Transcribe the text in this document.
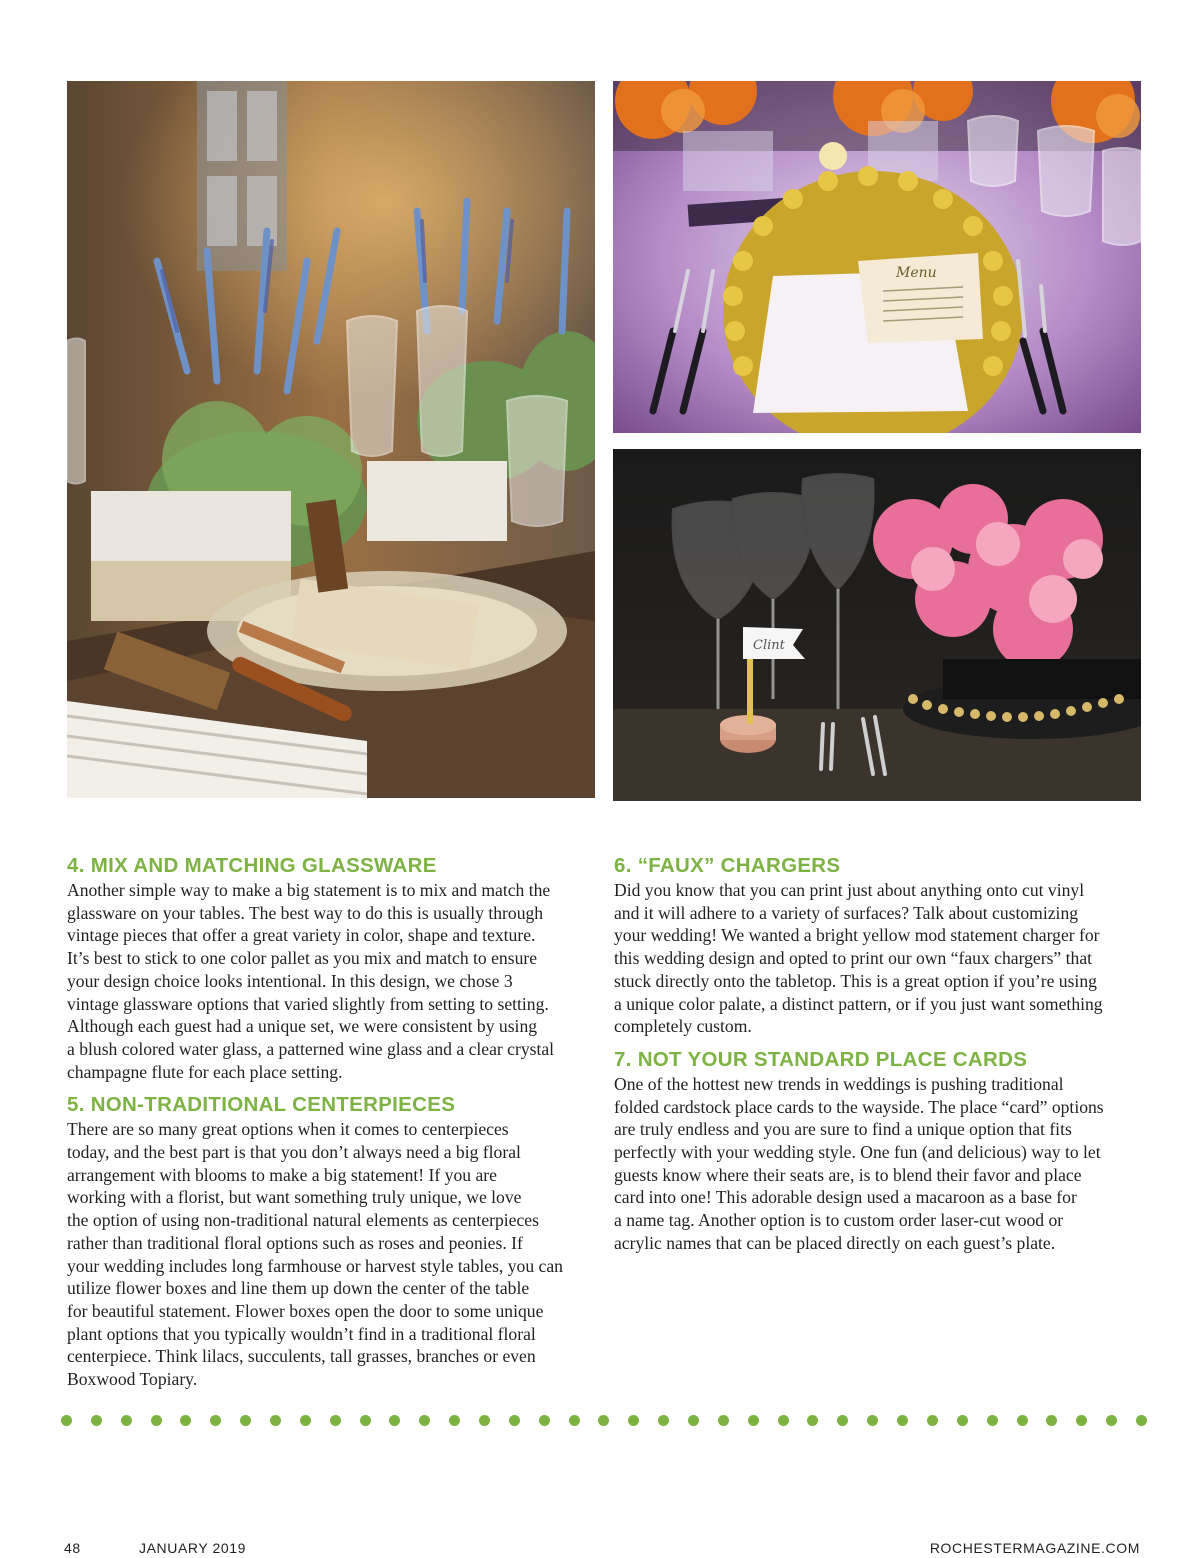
Menu
Clint
4. MIX AND MATCHING GLASSWARE

Another simple way to make a big statement is to mix and match the
glassware on your tables. The best way to do this is usually through
vintage pieces that offer a great variety in color, shape and texture.
It’s best to stick to one color pallet as you mix and match to ensure
your design choice looks intentional. In this design, we chose 3
vintage glassware options that varied slightly from setting to setting.
Although each guest had a unique set, we were consistent by using
a blush colored water glass, a patterned wine glass and a clear crystal
champagne flute for each place setting.

5. NON-TRADITIONAL CENTERPIECES

There are so many great options when it comes to centerpieces
today, and the best part is that you don’t always need a big floral
arrangement with blooms to make a big statement! If you are
working with a florist, but want something truly unique, we love
the option of using non-traditional natural elements as centerpieces
rather than traditional floral options such as roses and peonies. If
your wedding includes long farmhouse or harvest style tables, you can
utilize flower boxes and line them up down the center of the table
for beautiful statement. Flower boxes open the door to some unique
plant options that you typically wouldn’t find in a traditional floral
centerpiece. Think lilacs, succulents, tall grasses, branches or even
Boxwood Topiary.

6. “FAUX” CHARGERS

Did you know that you can print just about anything onto cut vinyl
and it will adhere to a variety of surfaces? Talk about customizing
your wedding! We wanted a bright yellow mod statement charger for
this wedding design and opted to print our own “faux chargers” that
stuck directly onto the tabletop. This is a great option if you’re using
a unique color palate, a distinct pattern, or if you just want something
completely custom.

7. NOT YOUR STANDARD PLACE CARDS

One of the hottest new trends in weddings is pushing traditional
folded cardstock place cards to the wayside. The place “card” options
are truly endless and you are sure to find a unique option that fits
perfectly with your wedding style. One fun (and delicious) way to let
guests know where their seats are, is to blend their favor and place
card into one! This adorable design used a macaroon as a base for
a name tag. Another option is to custom order laser-cut wood or
acrylic names that can be placed directly on each guest’s plate.

48	JANUARY 2019	ROCHESTERMAGAZINE.COM
